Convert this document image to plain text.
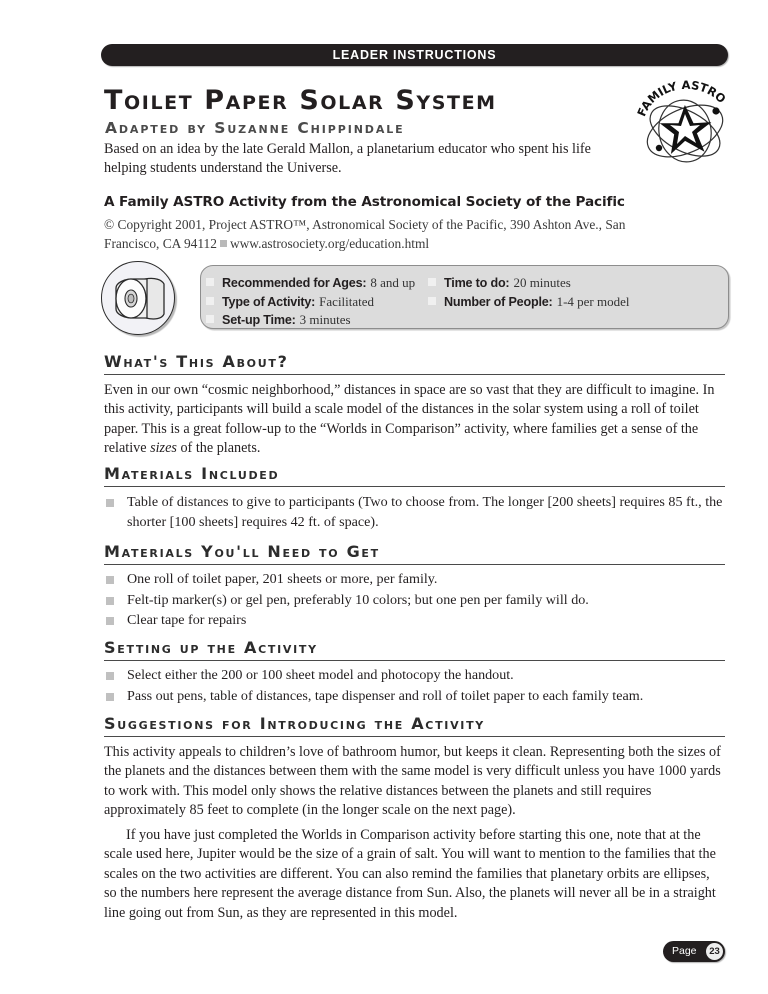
LEADER INSTRUCTIONS
FAMILY ASTRO
Toilet Paper Solar System
Adapted by Suzanne Chippindale
Based on an idea by the late Gerald Mallon, a planetarium educator who spent his life helping students understand the Universe.
A Family ASTRO Activity from the Astronomical Society of the Pacific
© Copyright 2001, Project ASTRO™, Astronomical Society of the Pacific, 390 Ashton Ave., San Francisco, CA 94112 www.astrosociety.org/education.html
Recommended for Ages: 8 and up
Type of Activity: Facilitated
Set-up Time: 3 minutes

Time to do: 20 minutes
Number of People: 1-4 per model
What's This About?
Even in our own “cosmic neighborhood,” distances in space are so vast that they are difficult to imagine. In this activity, participants will build a scale model of the distances in the solar system using a roll of toilet paper. This is a great follow-up to the “Worlds in Comparison” activity, where families get a sense of the relative sizes of the planets.
Materials Included
Table of distances to give to participants (Two to choose from. The longer [200 sheets] requires 85 ft., the shorter [100 sheets] requires 42 ft. of space).
Materials You'll Need to Get
One roll of toilet paper, 201 sheets or more, per family.
Felt-tip marker(s) or gel pen, preferably 10 colors; but one pen per family will do.
Clear tape for repairs
Setting up the Activity
Select either the 200 or 100 sheet model and photocopy the handout.
Pass out pens, table of distances, tape dispenser and roll of toilet paper to each family team.
Suggestions for Introducing the Activity
This activity appeals to children’s love of bathroom humor, but keeps it clean. Representing both the sizes of the planets and the distances between them with the same model is very difficult unless you have 1000 yards to work with. This model only shows the relative distances between the planets and still requires approximately 85 feet to complete (in the longer scale on the next page).
If you have just completed the Worlds in Comparison activity before starting this one, note that at the scale used here, Jupiter would be the size of a grain of salt. You will want to mention to the families that the scales on the two activities are different. You can also remind the families that planetary orbits are ellipses, so the numbers here represent the average distance from Sun. Also, the planets will never all be in a straight line going out from Sun, as they are represented in this model.
Page	23
